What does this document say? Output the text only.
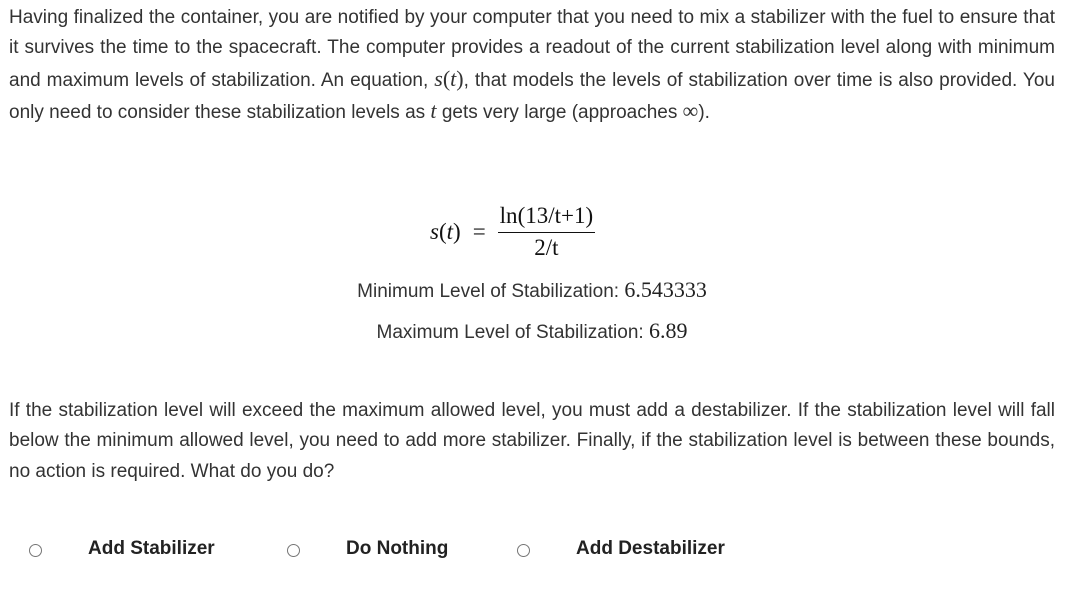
Having finalized the container, you are notified by your computer that you need to mix a stabilizer with the fuel to ensure that it survives the time to the spacecraft. The computer provides a readout of the current stabilization level along with minimum and maximum levels of stabilization. An equation, s(t), that models the levels of stabilization over time is also provided. You only need to consider these stabilization levels as t gets very large (approaches ∞).

$s(t) = \frac{\ln(13/t+1)}{2/t}$
Minimum Level of Stabilization: 6.543333
Maximum Level of Stabilization: 6.89

If the stabilization level will exceed the maximum allowed level, you must add a destabilizer. If the stabilization level will fall below the minimum allowed level, you need to add more stabilizer. Finally, if the stabilization level is between these bounds, no action is required. What do you do?

Add Stabilizer	Do Nothing	Add Destabilizer
